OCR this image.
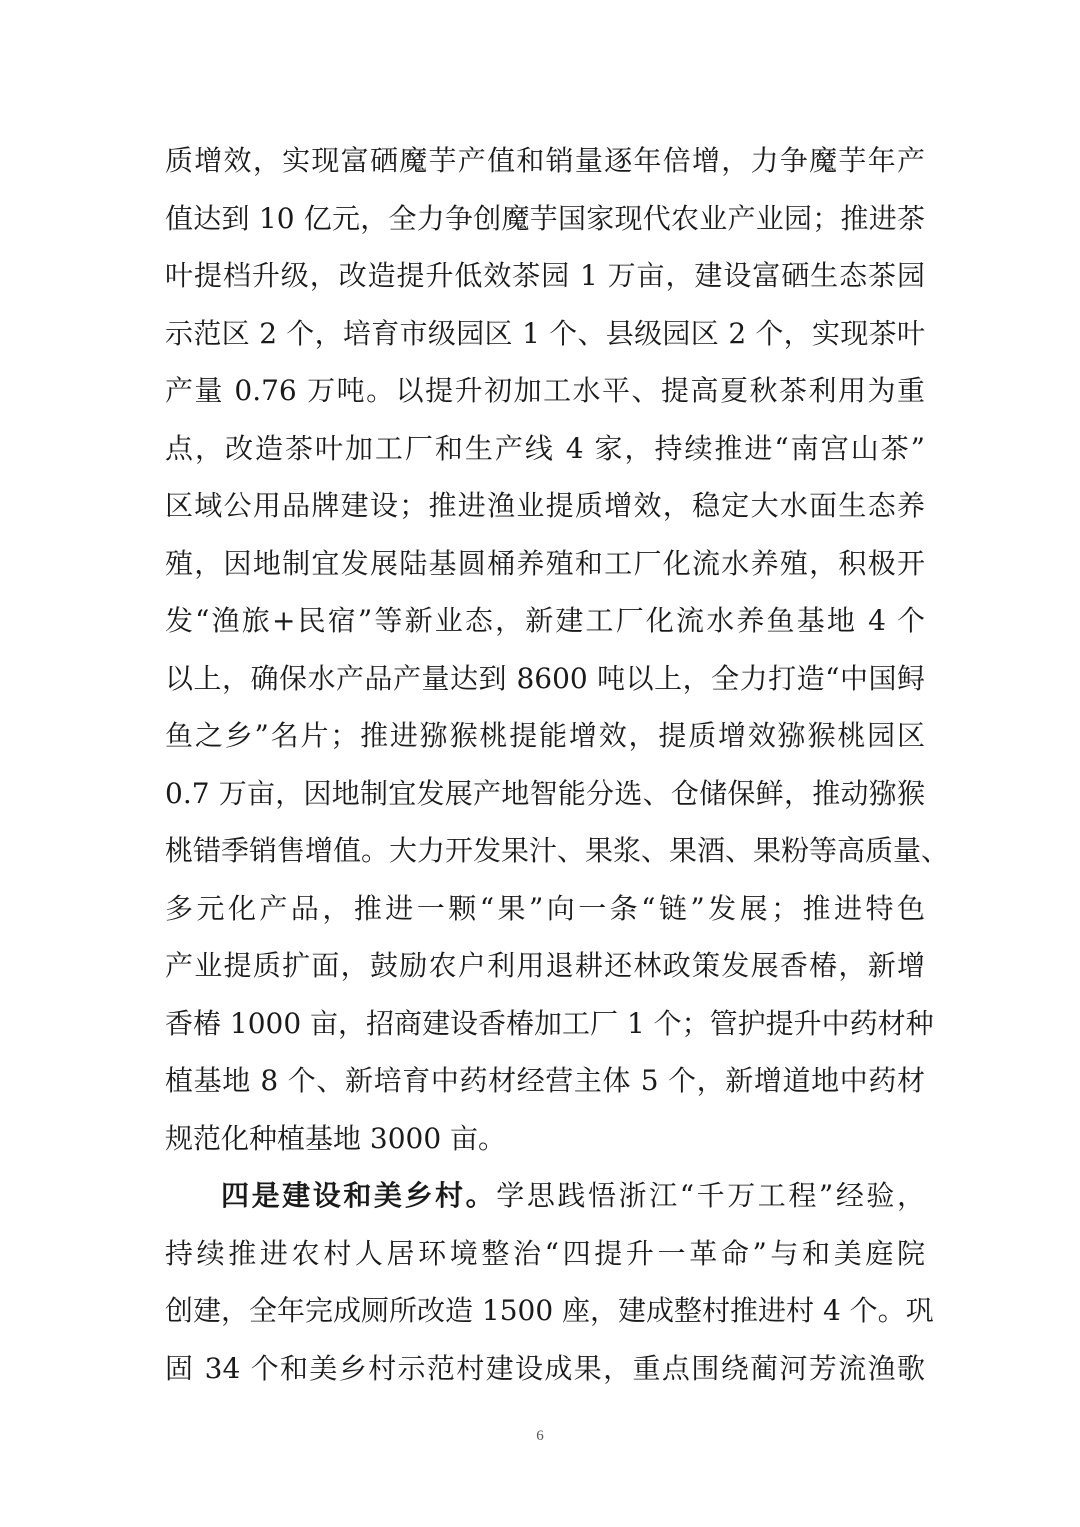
质增效，实现富硒魔芋产值和销量逐年倍增，力争魔芋年产
值达到 10 亿元，全力争创魔芋国家现代农业产业园；推进茶
叶提档升级，改造提升低效茶园 1 万亩，建设富硒生态茶园
示范区 2 个，培育市级园区 1 个、县级园区 2 个，实现茶叶
产量 0.76 万吨。以提升初加工水平、提高夏秋茶利用为重
点，改造茶叶加工厂和生产线 4 家，持续推进“南宫山茶”
区域公用品牌建设；推进渔业提质增效，稳定大水面生态养
殖，因地制宜发展陆基圆桶养殖和工厂化流水养殖，积极开
发“渔旅+民宿”等新业态，新建工厂化流水养鱼基地 4 个
以上，确保水产品产量达到 8600 吨以上，全力打造“中国鲟
鱼之乡”名片；推进猕猴桃提能增效，提质增效猕猴桃园区
0.7 万亩，因地制宜发展产地智能分选、仓储保鲜，推动猕猴
桃错季销售增值。大力开发果汁、果浆、果酒、果粉等高质量、
多元化产品，推进一颗“果”向一条“链”发展；推进特色
产业提质扩面，鼓励农户利用退耕还林政策发展香椿，新增
香椿 1000 亩，招商建设香椿加工厂 1 个；管护提升中药材种
植基地 8 个、新培育中药材经营主体 5 个，新增道地中药材
规范化种植基地 3000 亩。
四是建设和美乡村。学思践悟浙江“千万工程”经验，
持续推进农村人居环境整治“四提升一革命”与和美庭院
创建，全年完成厕所改造 1500 座，建成整村推进村 4 个。巩
固 34 个和美乡村示范村建设成果，重点围绕蔺河芳流渔歌
6
